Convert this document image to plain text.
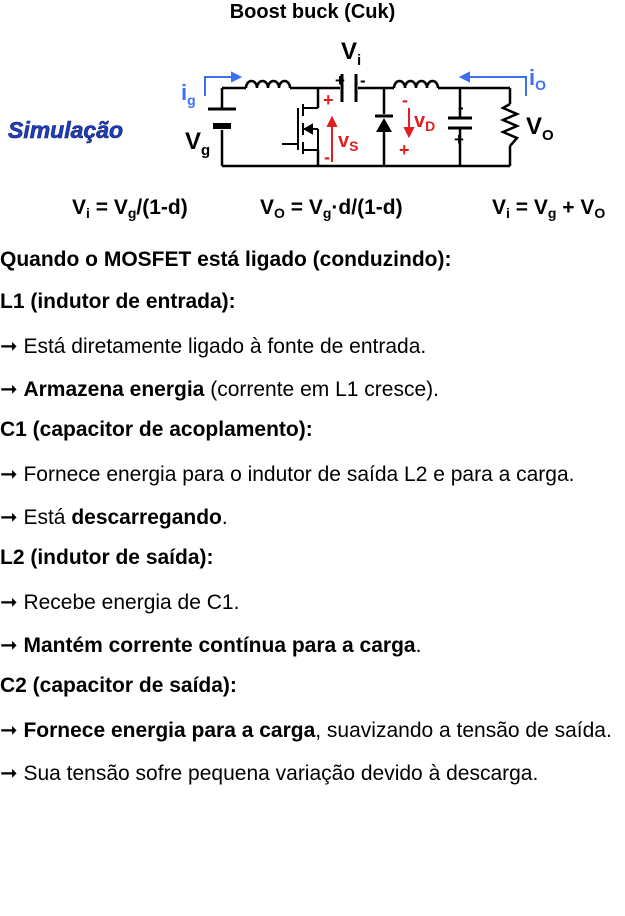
Boost buck (Cuk)
Simulação
$i_g$
$i_O$
$V_i$
$V_g$
$V_O$
$v_S$
$v_D$
+ -
+
-
-
+
-
+
$V_i = V_g/(1-d)$	$V_O = V_g\cdot d/(1-d)$	$V_i = V_g + V_O$
Quando o MOSFET está ligado (conduzindo):
L1 (indutor de entrada):
➞ Está diretamente ligado à fonte de entrada.
➞ Armazena energia (corrente em L1 cresce).
C1 (capacitor de acoplamento):
➞ Fornece energia para o indutor de saída L2 e para a carga.
➞ Está descarregando.
L2 (indutor de saída):
➞ Recebe energia de C1.
➞ Mantém corrente contínua para a carga.
C2 (capacitor de saída):
➞ Fornece energia para a carga, suavizando a tensão de saída.
➞ Sua tensão sofre pequena variação devido à descarga.
